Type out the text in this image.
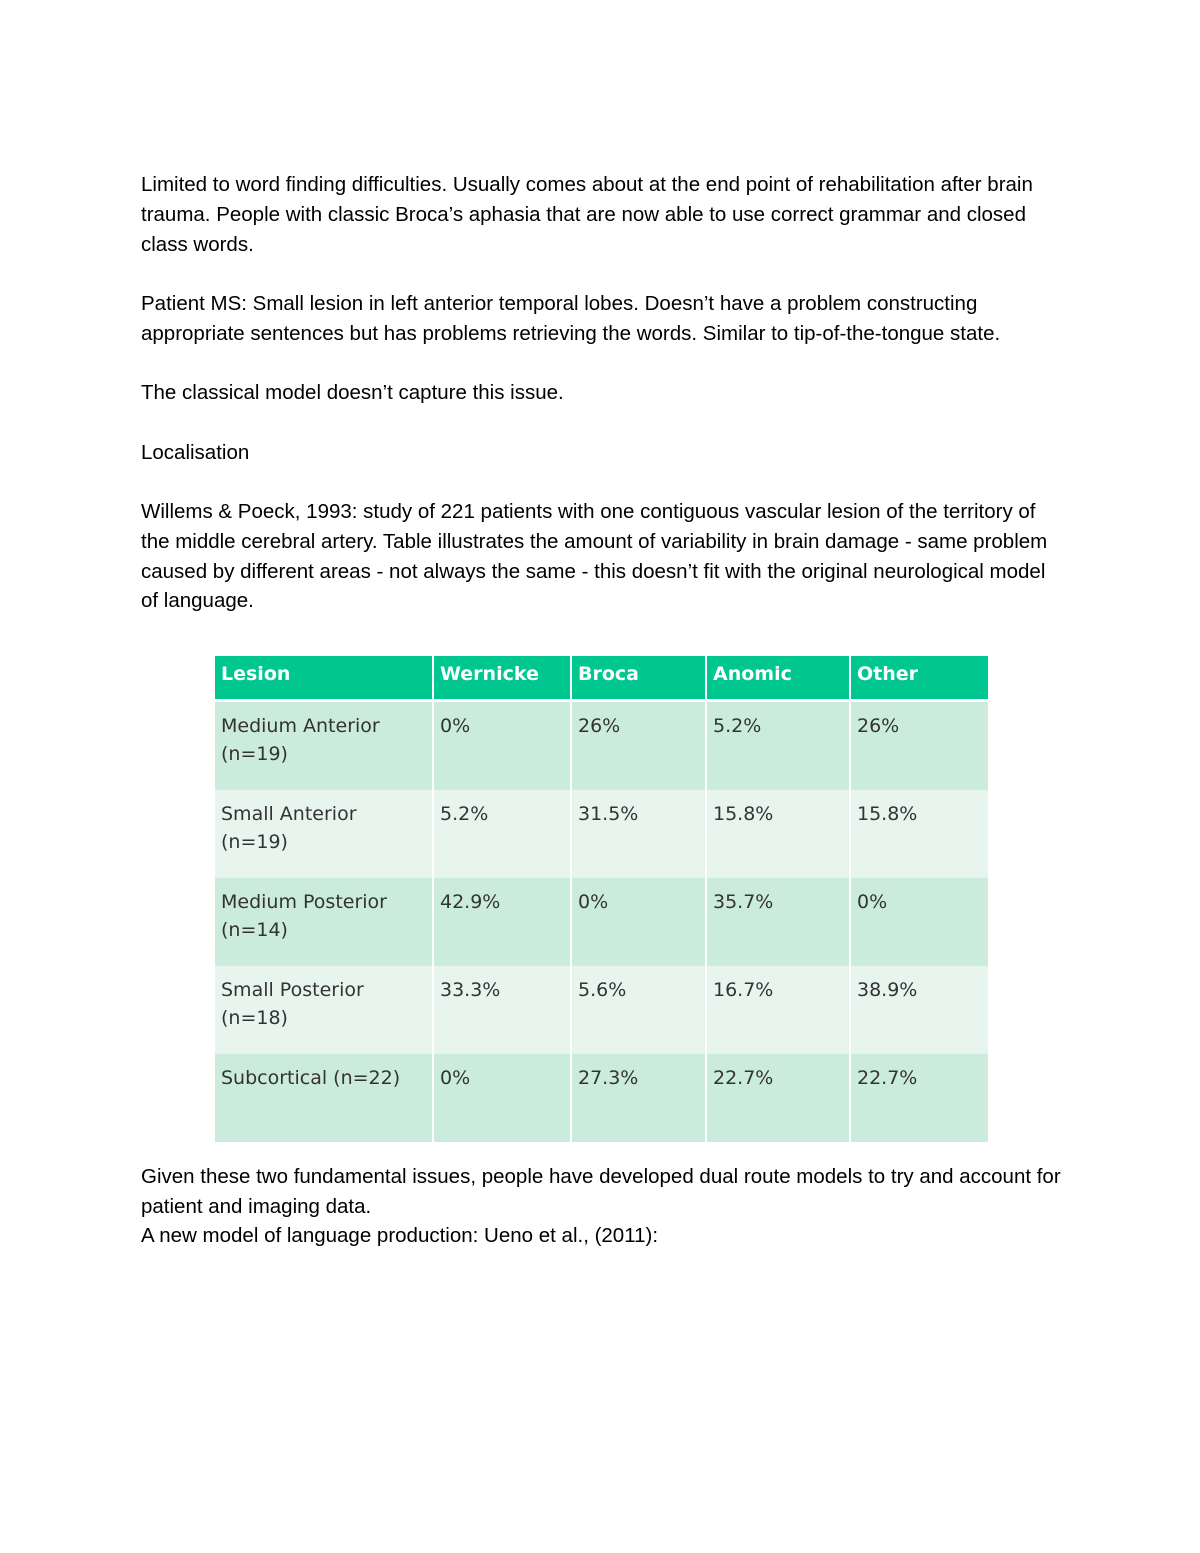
Limited to word finding difficulties. Usually comes about at the end point of rehabilitation after brain trauma. People with classic Broca’s aphasia that are now able to use correct grammar and closed class words.

Patient MS: Small lesion in left anterior temporal lobes. Doesn’t have a problem constructing appropriate sentences but has problems retrieving the words. Similar to tip-of-the-tongue state.

The classical model doesn’t capture this issue.

Localisation

Willems & Poeck, 1993: study of 221 patients with one contiguous vascular lesion of the territory of the middle cerebral artery. Table illustrates the amount of variability in brain damage - same problem caused by different areas - not always the same - this doesn’t fit with the original neurological model of language.

Lesion	Wernicke	Broca	Anomic	Other
Medium Anterior (n=19)	0%	26%	5.2%	26%
Small Anterior (n=19)	5.2%	31.5%	15.8%	15.8%
Medium Posterior (n=14)	42.9%	0%	35.7%	0%
Small Posterior (n=18)	33.3%	5.6%	16.7%	38.9%
Subcortical (n=22)	0%	27.3%	22.7%	22.7%

Given these two fundamental issues, people have developed dual route models to try and account for patient and imaging data.

A new model of language production: Ueno et al., (2011):
